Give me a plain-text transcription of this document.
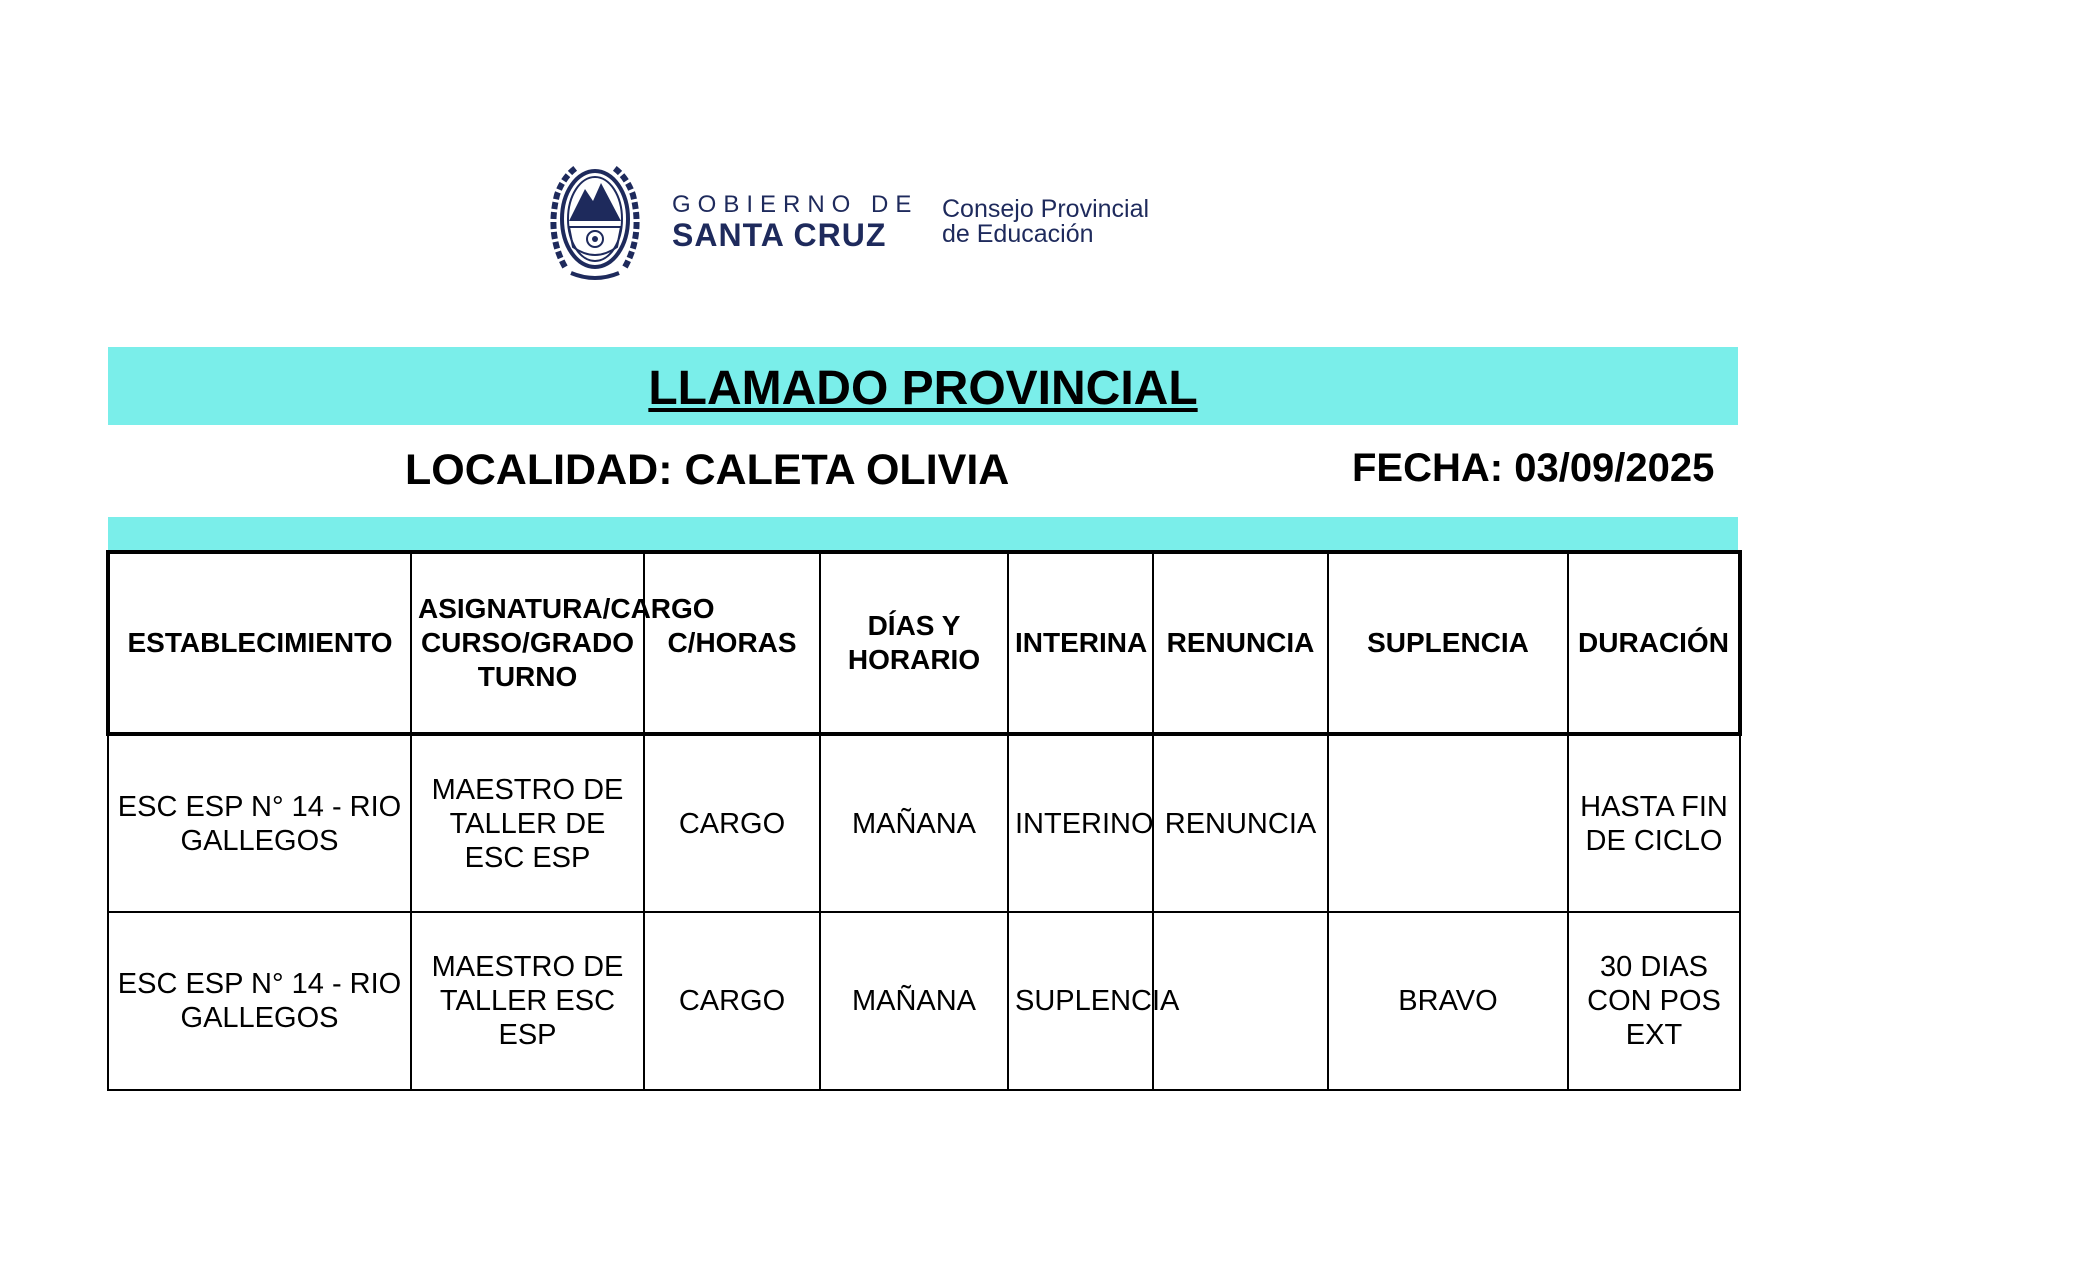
GOBIERNO DE
SANTA CRUZ
Consejo Provincial
de Educación
LLAMADO PROVINCIAL
LOCALIDAD: CALETA OLIVIA	FECHA: 03/09/2025
ESTABLECIMIENTO	ASIGNATURA/CARGO CURSO/GRADO TURNO	C/HORAS	DÍAS Y HORARIO	INTERINA	RENUNCIA	SUPLENCIA	DURACIÓN
ESC ESP N° 14 - RIO GALLEGOS	MAESTRO DE TALLER DE ESC ESP	CARGO	MAÑANA	INTERINO	RENUNCIA		HASTA FIN DE CICLO
ESC ESP N° 14 - RIO GALLEGOS	MAESTRO DE TALLER ESC ESP	CARGO	MAÑANA	SUPLENCIA		BRAVO	30 DIAS CON POS EXT
